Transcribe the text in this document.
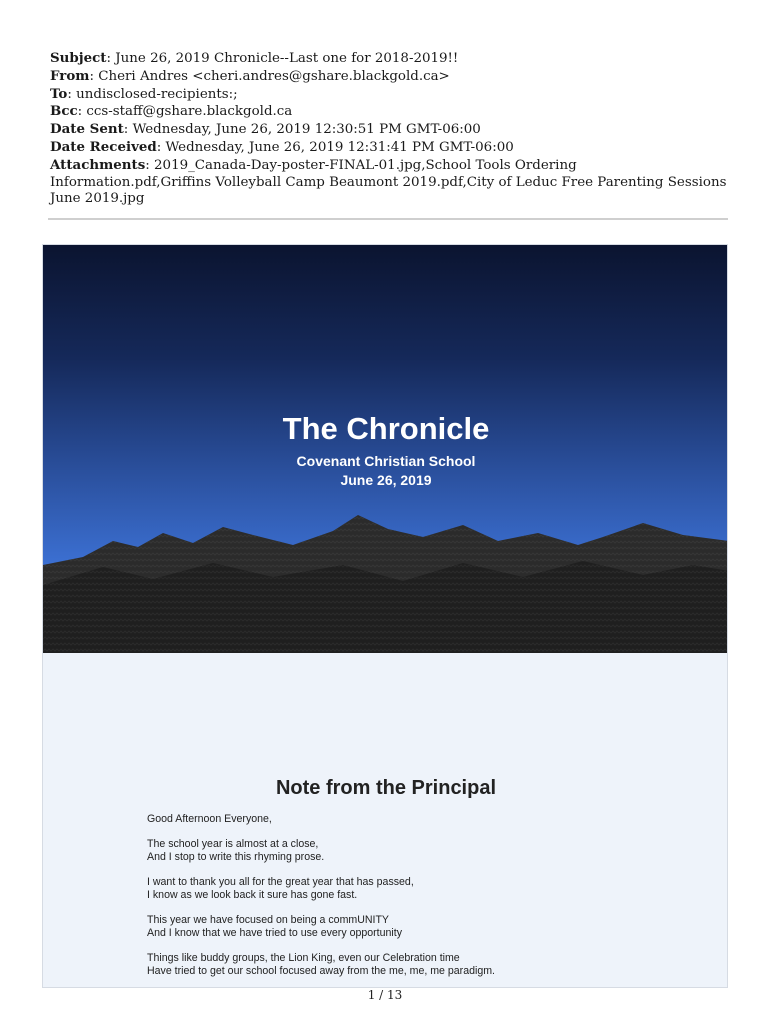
Subject: June 26, 2019 Chronicle--Last one for 2018-2019!!
From: Cheri Andres <cheri.andres@gshare.blackgold.ca>
To: undisclosed-recipients:;
Bcc: ccs-staff@gshare.blackgold.ca
Date Sent: Wednesday, June 26, 2019 12:30:51 PM GMT-06:00
Date Received: Wednesday, June 26, 2019 12:31:41 PM GMT-06:00
Attachments: 2019_Canada-Day-poster-FINAL-01.jpg,School Tools Ordering Information.pdf,Griffins Volleyball Camp Beaumont 2019.pdf,City of Leduc Free Parenting Sessions June 2019.jpg
The Chronicle
Covenant Christian School
June 26, 2019
Note from the Principal

Good Afternoon Everyone,

The school year is almost at a close,
And I stop to write this rhyming prose.

I want to thank you all for the great year that has passed,
I know as we look back it sure has gone fast.

This year we have focused on being a commUNITY
And I know that we have tried to use every opportunity

Things like buddy groups, the Lion King, even our Celebration time
Have tried to get our school focused away from the me, me, me paradigm.

1 / 13
